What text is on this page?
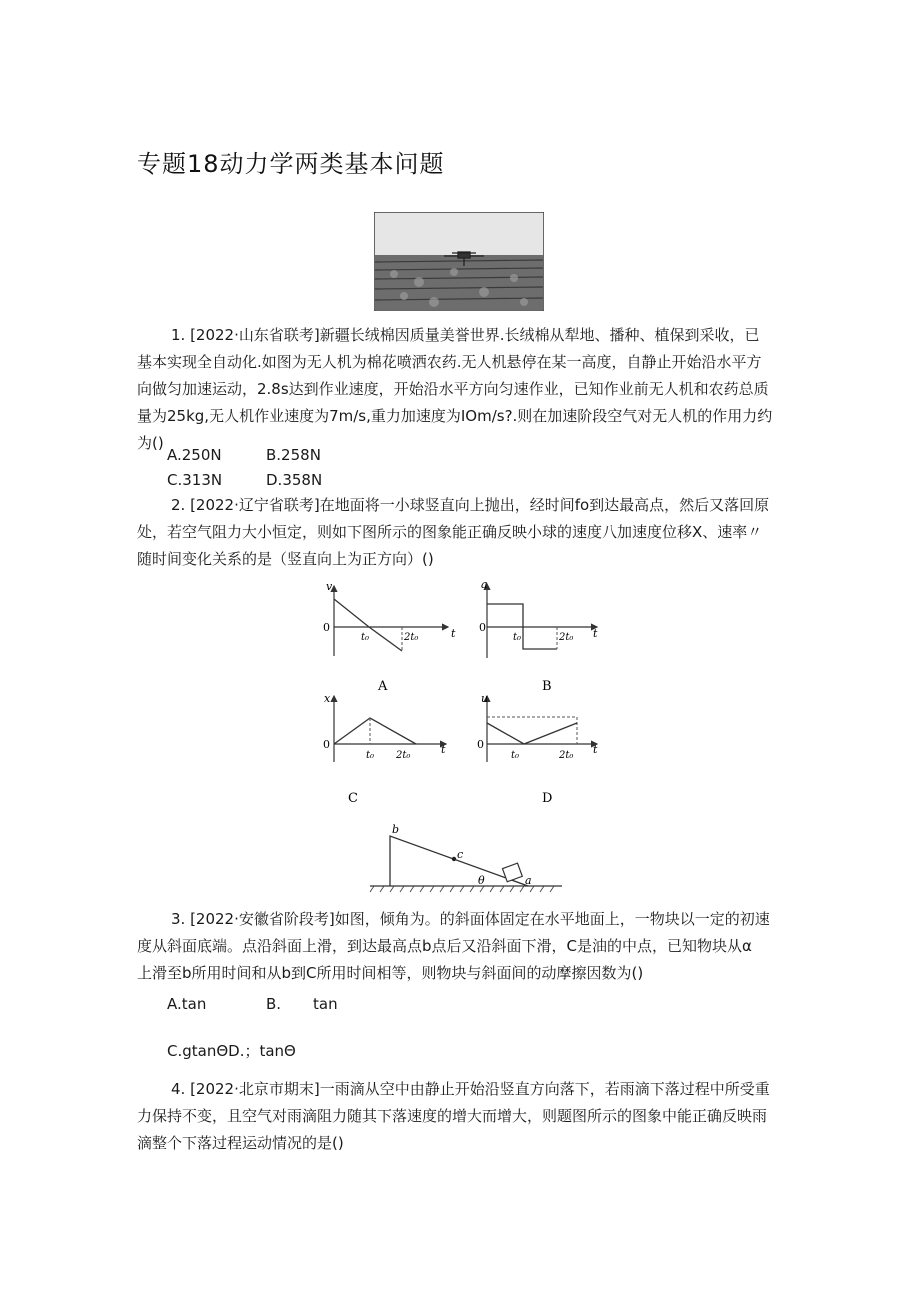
专题18动力学两类基本问题

1. [2022·山东省联考]新疆长绒棉因质量美誉世界.长绒棉从犁地、播种、植保到采收，已

基本实现全自动化.如图为无人机为棉花喷洒农药.无人机悬停在某一高度，自静止开始沿水平方

向做匀加速运动，2.8s达到作业速度，开始沿水平方向匀速作业，已知作业前无人机和农药总质

量为25kg,无人机作业速度为7m∕s,重力加速度为IOm/s?.则在加速阶段空气对无人机的作用力约

为()

A.250N	B.258N
C.313N	D.358N

2. [2022·辽宁省联考]在地面将一小球竖直向上抛出，经时间fo到达最高点，然后又落回原

处，若空气阻力大小恒定，则如下图所示的图象能正确反映小球的速度八加速度位移X、速率〃

随时间变化关系的是（竖直向上为正方向）()

v
0	t
t₀	2t₀
A
a
0	t
t₀	2t₀
B
x
0	t
t₀ 2t₀
C
u
0	t
t₀	2t₀
D
b
c
a
θ

3. [2022·安徽省阶段考]如图，倾角为。的斜面体固定在水平地面上，一物块以一定的初速

度从斜面底端。点沿斜面上滑，到达最高点b点后又沿斜面下滑，C是油的中点，已知物块从α

上滑至b所用时间和从b到C所用时间相等，则物块与斜面间的动摩擦因数为()

A.tan	B. tan
C.gtanΘD.；tanΘ

4. [2022·北京市期末]一雨滴从空中由静止开始沿竖直方向落下，若雨滴下落过程中所受重

力保持不变，且空气对雨滴阻力随其下落速度的增大而增大，则题图所示的图象中能正确反映雨

滴整个下落过程运动情况的是()
